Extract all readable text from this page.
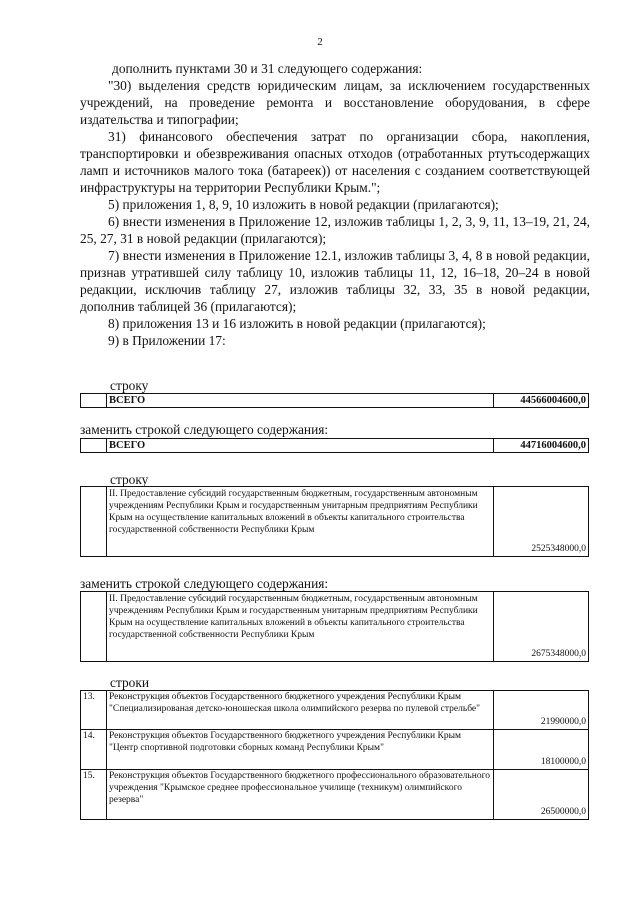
2

дополнить пунктами 30 и 31 следующего содержания:

"30) выделения средств юридическим лицам, за исключением государственных учреждений, на проведение ремонта и восстановление оборудования, в сфере издательства и типографии;

31) финансового обеспечения затрат по организации сбора, накопления, транспортировки и обезвреживания опасных отходов (отработанных ртутьсодержащих ламп и источников малого тока (батареек)) от населения с созданием соответствующей инфраструктуры на территории Республики Крым.";

5) приложения 1, 8, 9, 10 изложить в новой редакции (прилагаются);

6) внести изменения в Приложение 12, изложив таблицы 1, 2, 3, 9, 11, 13–19, 21, 24, 25, 27, 31 в новой редакции (прилагаются);

7) внести изменения в Приложение 12.1, изложив таблицы 3, 4, 8 в новой редакции, признав утратившей силу таблицу 10, изложив таблицы 11, 12, 16–18, 20–24 в новой редакции, исключив таблицу 27, изложив таблицы 32, 33, 35 в новой редакции, дополнив таблицей 36 (прилагаются);

8) приложения 13 и 16 изложить в новой редакции (прилагаются);

9) в Приложении 17:

строку
	ВСЕГО	44566004600,0
заменить строкой следующего содержания:
	ВСЕГО	44716004600,0
строку
	II. Предоставление субсидий государственным бюджетным, государственным автономным учреждениям Республики Крым и государственным унитарным предприятиям Республики Крым на осуществление капитальных вложений в объекты капитального строительства государственной собственности Республики Крым	2525348000,0
заменить строкой следующего содержания:
	II. Предоставление субсидий государственным бюджетным, государственным автономным учреждениям Республики Крым и государственным унитарным предприятиям Республики Крым на осуществление капитальных вложений в объекты капитального строительства государственной собственности Республики Крым	2675348000,0
строки
13.	Реконструкция объектов Государственного бюджетного учреждения Республики Крым "Специализированая детско-юношеская школа олимпийского резерва по пулевой стрельбе"	21990000,0
14.	Реконструкция объектов Государственного бюджетного учреждения Республики Крым "Центр спортивной подготовки сборных команд Республики Крым"	18100000,0
15.	Реконструкция объектов Государственного бюджетного профессионального образовательного учреждения "Крымское среднее профессиональное училище (техникум) олимпийского резерва"	26500000,0
